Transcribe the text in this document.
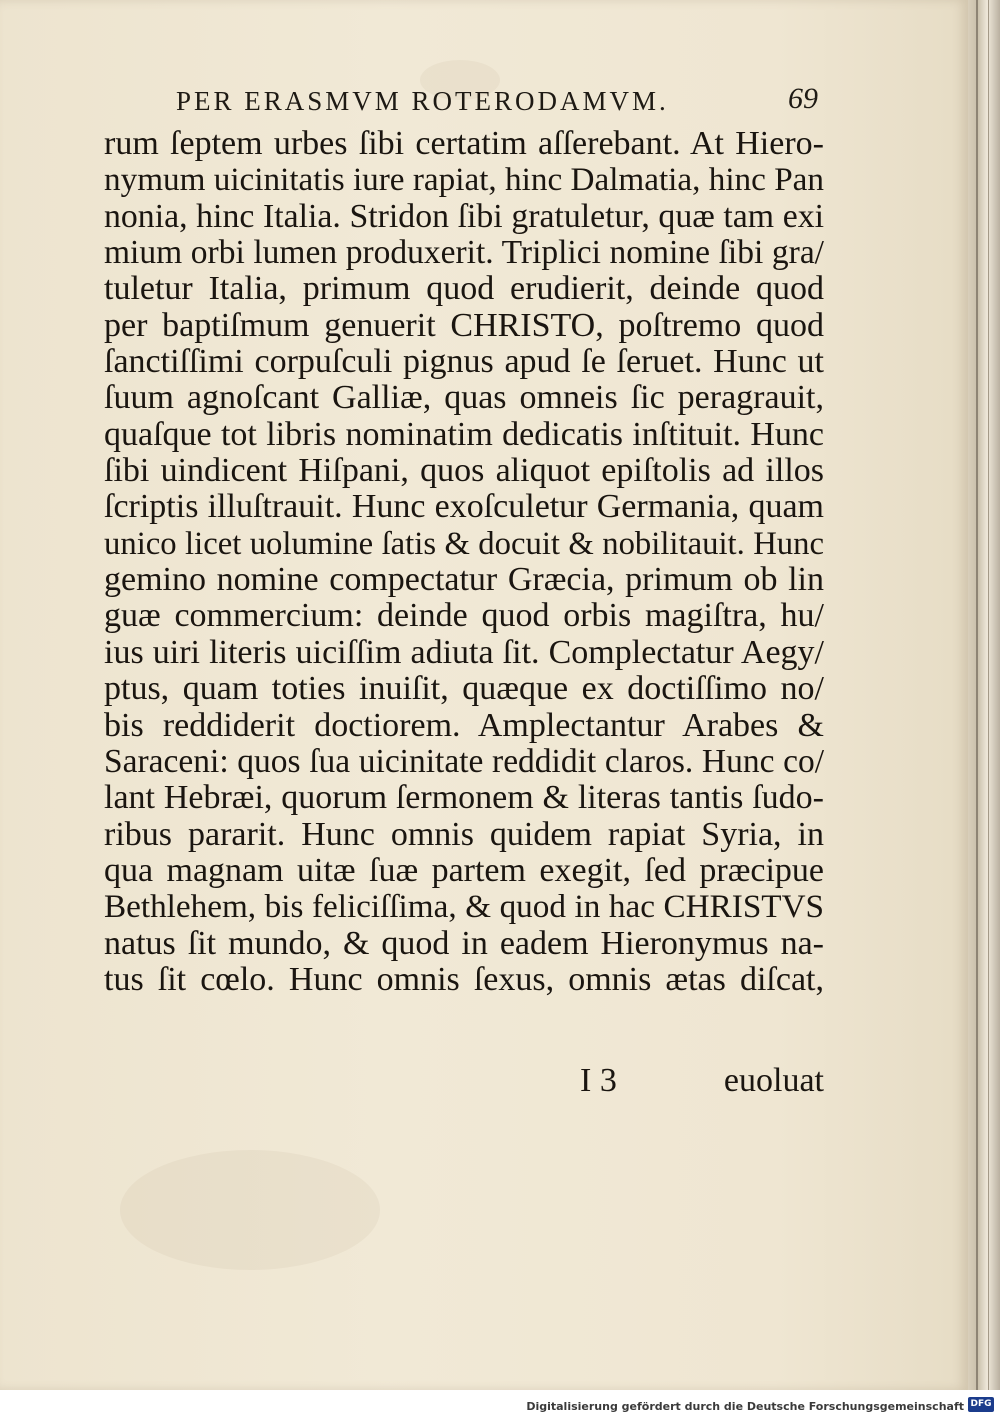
PER ERASMVM ROTERODAMVM.	69
rum ſeptem urbes ſibi certatim aſſerebant. At Hiero-
nymum uicinitatis iure rapiat, hinc Dalmatia, hinc Pan
nonia, hinc Italia. Stridon ſibi gratuletur, quæ tam exi
mium orbi lumen produxerit. Triplici nomine ſibi gra/
tuletur Italia, primum quod erudierit, deinde quod
per baptiſmum genuerit CHRISTO, poſtremo quod
ſanctiſſimi corpuſculi pignus apud ſe ſeruet. Hunc ut
ſuum agnoſcant Galliæ, quas omneis ſic peragrauit,
quaſque tot libris nominatim dedicatis inſtituit. Hunc
ſibi uindicent Hiſpani, quos aliquot epiſtolis ad illos
ſcriptis illuſtrauit. Hunc exoſculetur Germania, quam
unico licet uolumine ſatis & docuit & nobilitauit. Hunc
gemino nomine compectatur Græcia, primum ob lin
guæ commercium: deinde quod orbis magiſtra, hu/
ius uiri literis uiciſſim adiuta ſit. Complectatur Aegy/
ptus, quam toties inuiſit, quæque ex doctiſſimo no/
bis reddiderit doctiorem. Amplectantur Arabes &
Saraceni: quos ſua uicinitate reddidit claros. Hunc co/
lant Hebræi, quorum ſermonem & literas tantis ſudo-
ribus pararit. Hunc omnis quidem rapiat Syria, in
qua magnam uitæ ſuæ partem exegit, ſed præcipue
Bethlehem, bis feliciſſima, & quod in hac CHRISTVS
natus ſit mundo, & quod in eadem Hieronymus na-
tus ſit cœlo. Hunc omnis ſexus, omnis ætas diſcat,
I 3	euoluat
Digitalisierung gefördert durch die Deutsche Forschungsgemeinschaft DFG
